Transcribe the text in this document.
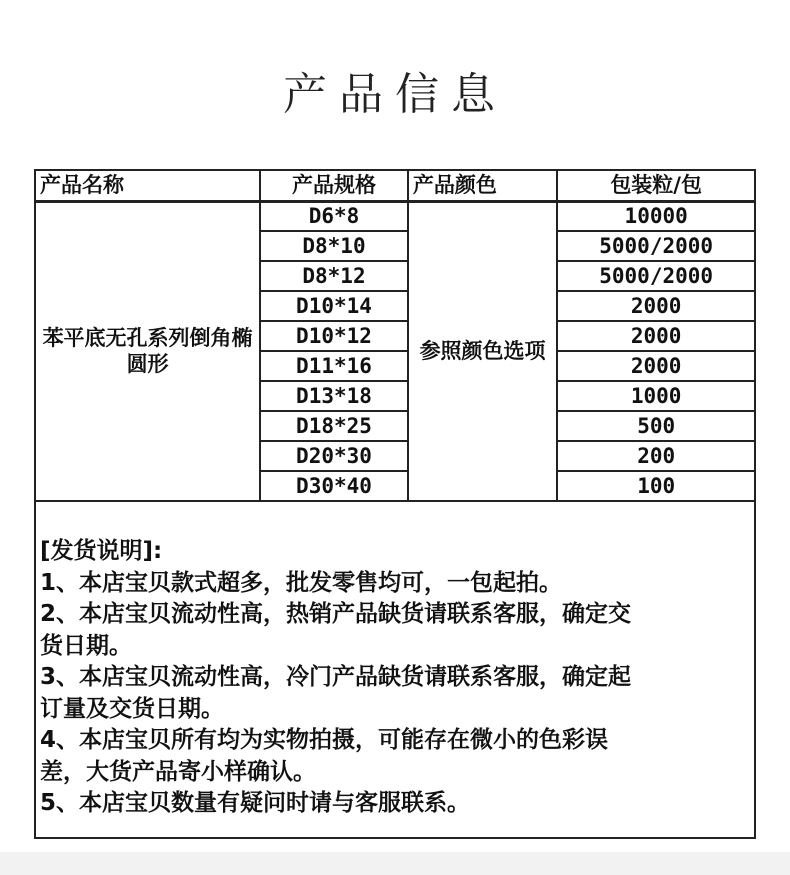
产品信息
产品名称	产品规格	产品颜色	包装粒/包
苯平底无孔系列倒角椭圆形	D6*8	参照颜色选项	10000
	D8*10		5000/2000
	D8*12		5000/2000
	D10*14		2000
	D10*12		2000
	D11*16		2000
	D13*18		1000
	D18*25		500
	D20*30		200
	D30*40		100
[发货说明]:
1、本店宝贝款式超多，批发零售均可，一包起拍。
2、本店宝贝流动性高，热销产品缺货请联系客服，确定交
货日期。
3、本店宝贝流动性高，冷门产品缺货请联系客服，确定起
订量及交货日期。
4、本店宝贝所有均为实物拍摄，可能存在微小的色彩误
差，大货产品寄小样确认。
5、本店宝贝数量有疑问时请与客服联系。
